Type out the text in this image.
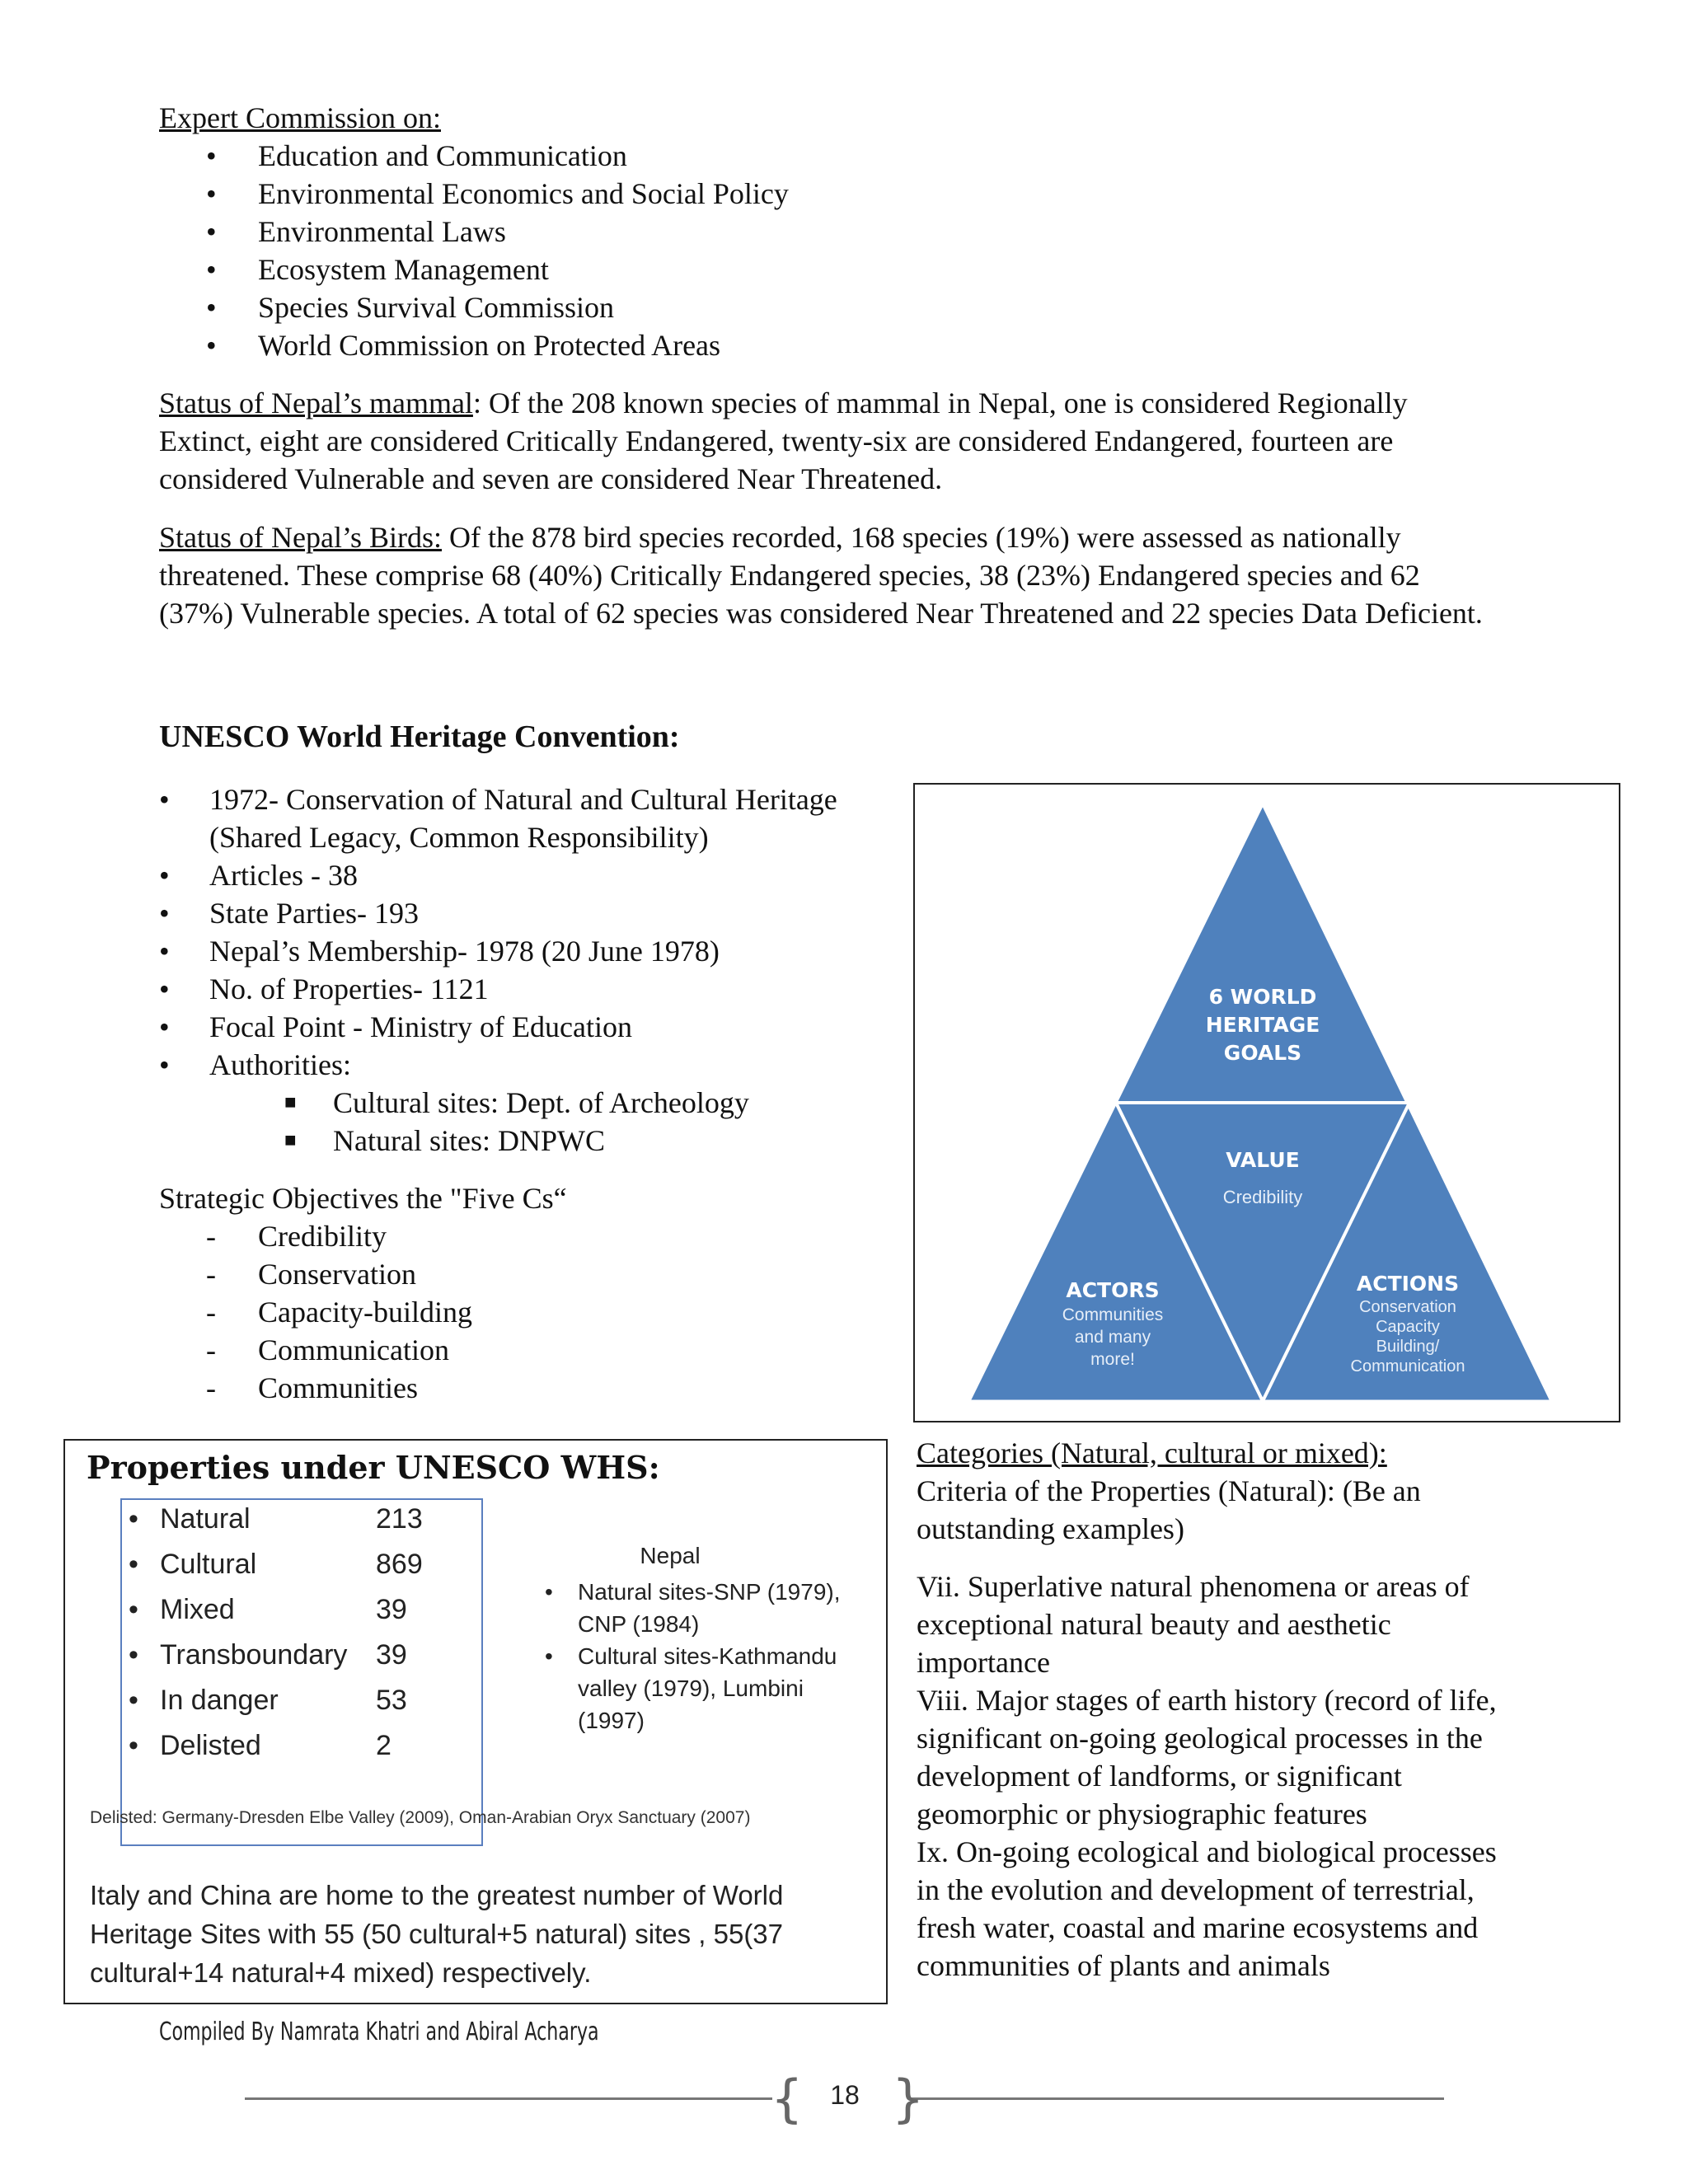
Expert Commission on:
• Education and Communication
• Environmental Economics and Social Policy
• Environmental Laws
• Ecosystem Management
• Species Survival Commission
• World Commission on Protected Areas
Status of Nepal’s mammal: Of the 208 known species of mammal in Nepal, one is considered Regionally
Extinct, eight are considered Critically Endangered, twenty-six are considered Endangered, fourteen are
considered Vulnerable and seven are considered Near Threatened.
Status of Nepal’s Birds: Of the 878 bird species recorded, 168 species (19%) were assessed as nationally
threatened. These comprise 68 (40%) Critically Endangered species, 38 (23%) Endangered species and 62
(37%) Vulnerable species. A total of 62 species was considered Near Threatened and 22 species Data Deficient.
UNESCO World Heritage Convention:
• 1972- Conservation of Natural and Cultural Heritage
(Shared Legacy, Common Responsibility)
• Articles - 38
• State Parties- 193
• Nepal’s Membership- 1978 (20 June 1978)
• No. of Properties- 1121
• Focal Point - Ministry of Education
• Authorities:
■ Cultural sites: Dept. of Archeology
■ Natural sites: DNPWC
Strategic Objectives the "Five Cs“
- Credibility
- Conservation
- Capacity-building
- Communication
- Communities
6 WORLD
HERITAGE
GOALS
VALUE
Credibility
ACTORS
Communities
and many
more!
ACTIONS
Conservation
Capacity
Building/
Communication
Properties under UNESCO WHS:
• Natural	213
• Cultural	869
• Mixed	39
• Transboundary 39
• In danger	53
• Delisted	2
Nepal
• Natural sites-SNP (1979),
CNP (1984)
• Cultural sites-Kathmandu
valley (1979), Lumbini
(1997)
Delisted: Germany-Dresden Elbe Valley (2009), Oman-Arabian Oryx Sanctuary (2007)
Italy and China are home to the greatest number of World
Heritage Sites with 55 (50 cultural+5 natural) sites , 55(37
cultural+14 natural+4 mixed) respectively.
Categories (Natural, cultural or mixed):
Criteria of the Properties (Natural): (Be an
outstanding examples)
Vii. Superlative natural phenomena or areas of
exceptional natural beauty and aesthetic
importance
Viii. Major stages of earth history (record of life,
significant on-going geological processes in the
development of landforms, or significant
geomorphic or physiographic features
Ix. On-going ecological and biological processes
in the evolution and development of terrestrial,
fresh water, coastal and marine ecosystems and
communities of plants and animals
Compiled By Namrata Khatri and Abiral Acharya
{ }
18
